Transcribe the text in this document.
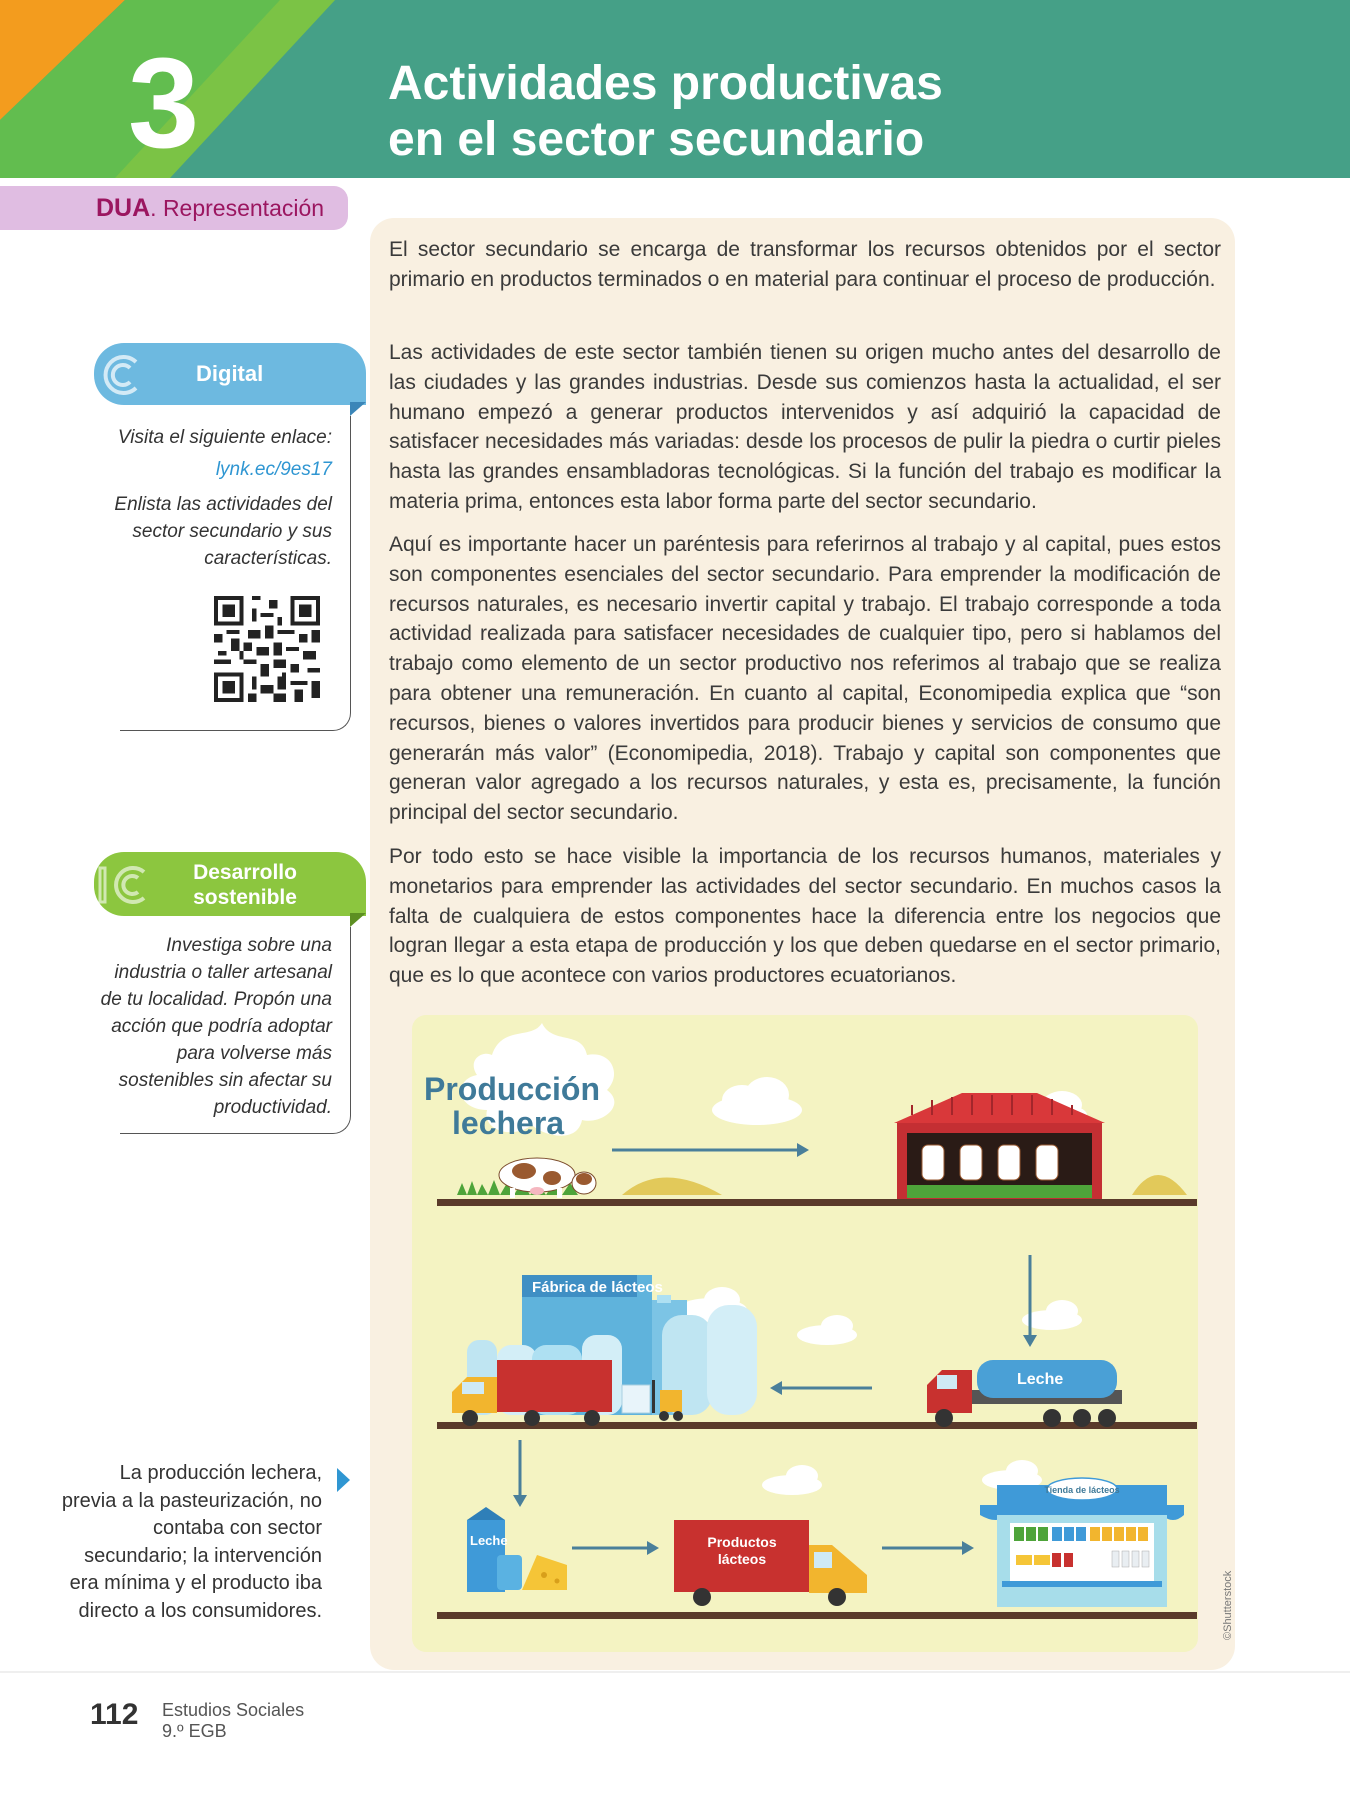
3	Actividades productivas
en el sector secundario
DUA. Representación
Digital

Visita el siguiente enlace:

lynk.ec/9es17

Enlista las actividades del sector secundario y sus características.

Desarrollo
sostenible

Investiga sobre una industria o taller artesanal de tu localidad. Propón una acción que podría adoptar para volverse más sostenibles sin afectar su productividad.

El sector secundario se encarga de transformar los recursos obtenidos por el sector primario en productos terminados o en material para continuar el proceso de producción.

Las actividades de este sector también tienen su origen mucho antes del desarrollo de las ciudades y las grandes industrias. Desde sus comienzos hasta la actualidad, el ser humano empezó a generar productos intervenidos y así adquirió la capacidad de satisfacer necesidades más variadas: desde los procesos de pulir la piedra o curtir pieles hasta las grandes ensambladoras tecnológicas. Si la función del trabajo es modificar la materia prima, entonces esta labor forma parte del sector secundario.

Aquí es importante hacer un paréntesis para referirnos al trabajo y al capital, pues estos son componentes esenciales del sector secundario. Para emprender la modificación de recursos naturales, es necesario invertir capital y trabajo. El trabajo corresponde a toda actividad realizada para satisfacer necesidades de cualquier tipo, pero si hablamos del trabajo como elemento de un sector productivo nos referimos al trabajo que se realiza para obtener una remuneración. En cuanto al capital, Economipedia explica que “son recursos, bienes o valores invertidos para producir bienes y servicios de consumo que generarán más valor” (Economipedia, 2018). Trabajo y capital son componentes que generan valor agregado a los recursos naturales, y esta es, precisamente, la función principal del sector secundario.

Por todo esto se hace visible la importancia de los recursos humanos, materiales y monetarios para emprender las actividades del sector secundario. En muchos casos la falta de cualquiera de estos componentes hace la diferencia entre los negocios que logran llegar a esta etapa de producción y los que deben quedarse en el sector primario, que es lo que acontece con varios productores ecuatorianos.

Producción
lechera
Fábrica de lácteos
Leche
Leche	Productos
lácteos
Tienda de lácteos
©Shutterstock
La producción lechera, previa a la pasteurización, no contaba con sector secundario; la intervención era mínima y el producto iba directo a los consumidores.
112 Estudios Sociales
9.º EGB
